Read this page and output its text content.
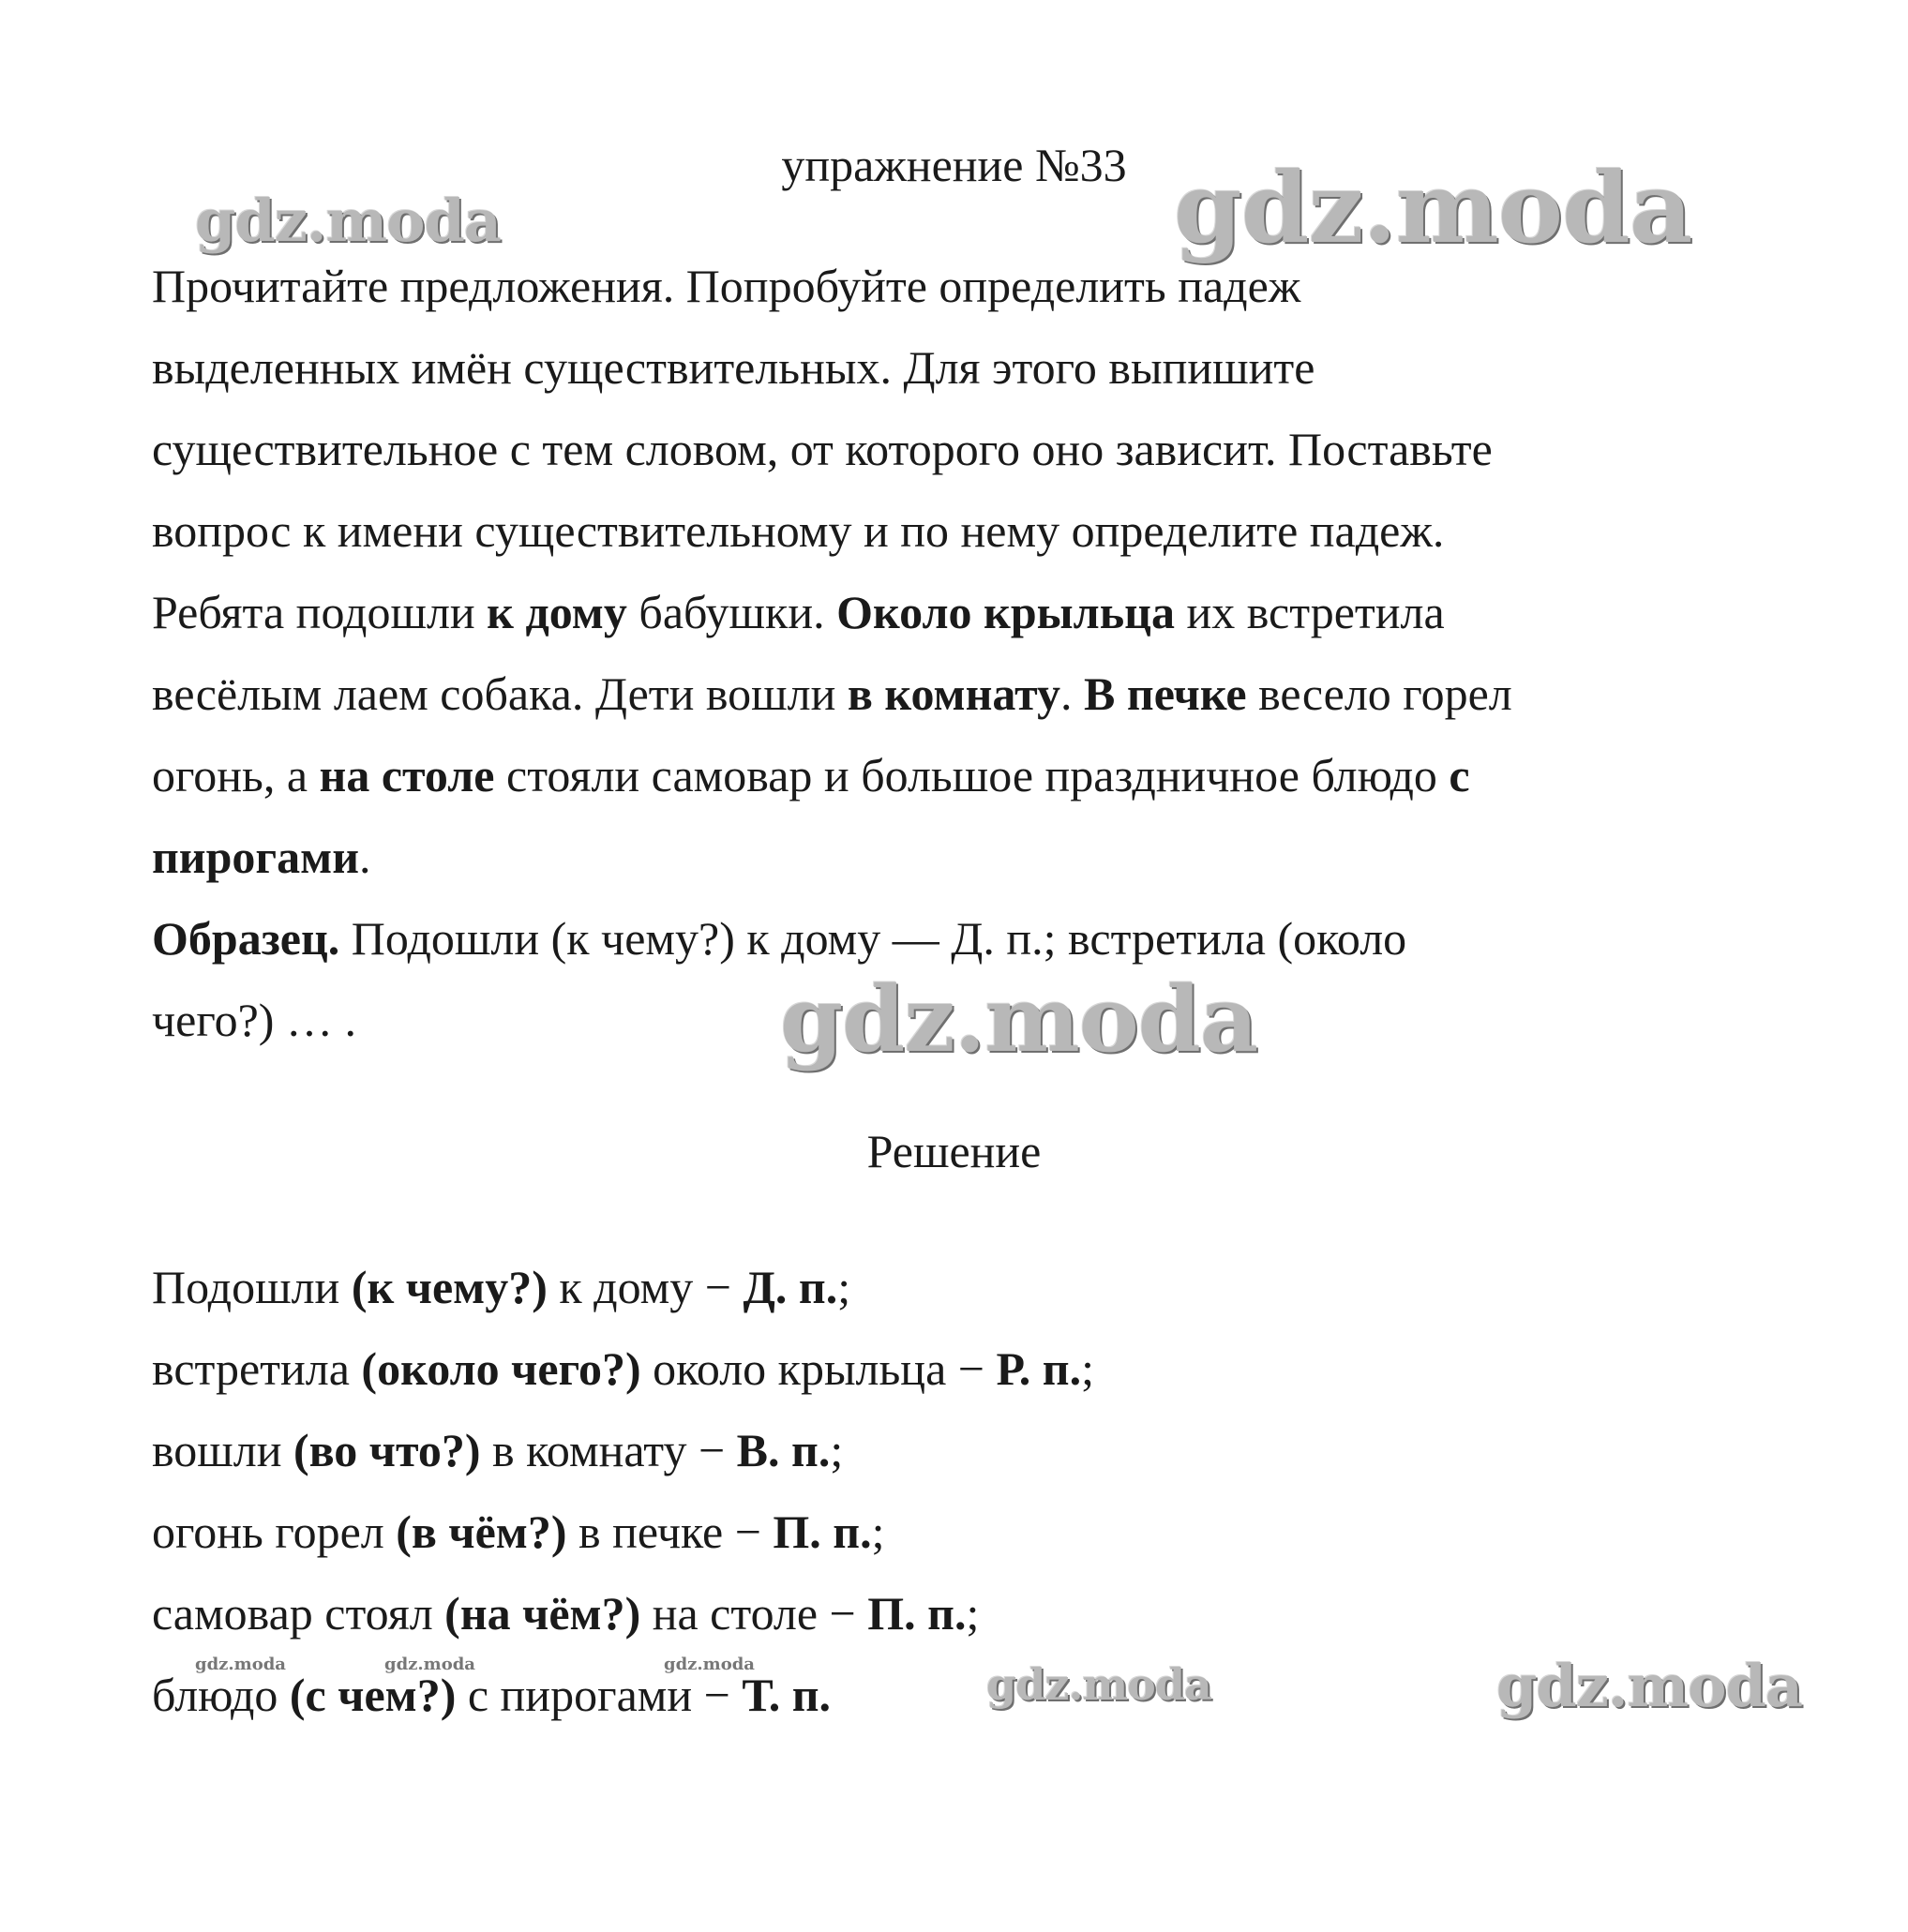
упражнение №33
Прочитайте предложения. Попробуйте определить падеж
выделенных имён существительных. Для этого выпишите
существительное с тем словом, от которого оно зависит. Поставьте
вопрос к имени существительному и по нему определите падеж.
Ребята подошли к дому бабушки. Около крыльца их встретила
весёлым лаем собака. Дети вошли в комнату. В печке весело горел
огонь, а на столе стояли самовар и большое праздничное блюдо с
пирогами.
Образец. Подошли (к чему?) к дому — Д. п.; встретила (около
чего?) … .
Решение
Подошли (к чему?) к дому − Д. п.;
встретила (около чего?) около крыльца − Р. п.;
вошли (во что?) в комнату − В. п.;
огонь горел (в чём?) в печке − П. п.;
самовар стоял (на чём?) на столе − П. п.;
блюдо (с чем?) с пирогами − Т. п.
gdz.moda	gdz.moda
gdz.moda
gdz.moda	gdz.moda	gdz.moda	gdz.moda	gdz.moda
